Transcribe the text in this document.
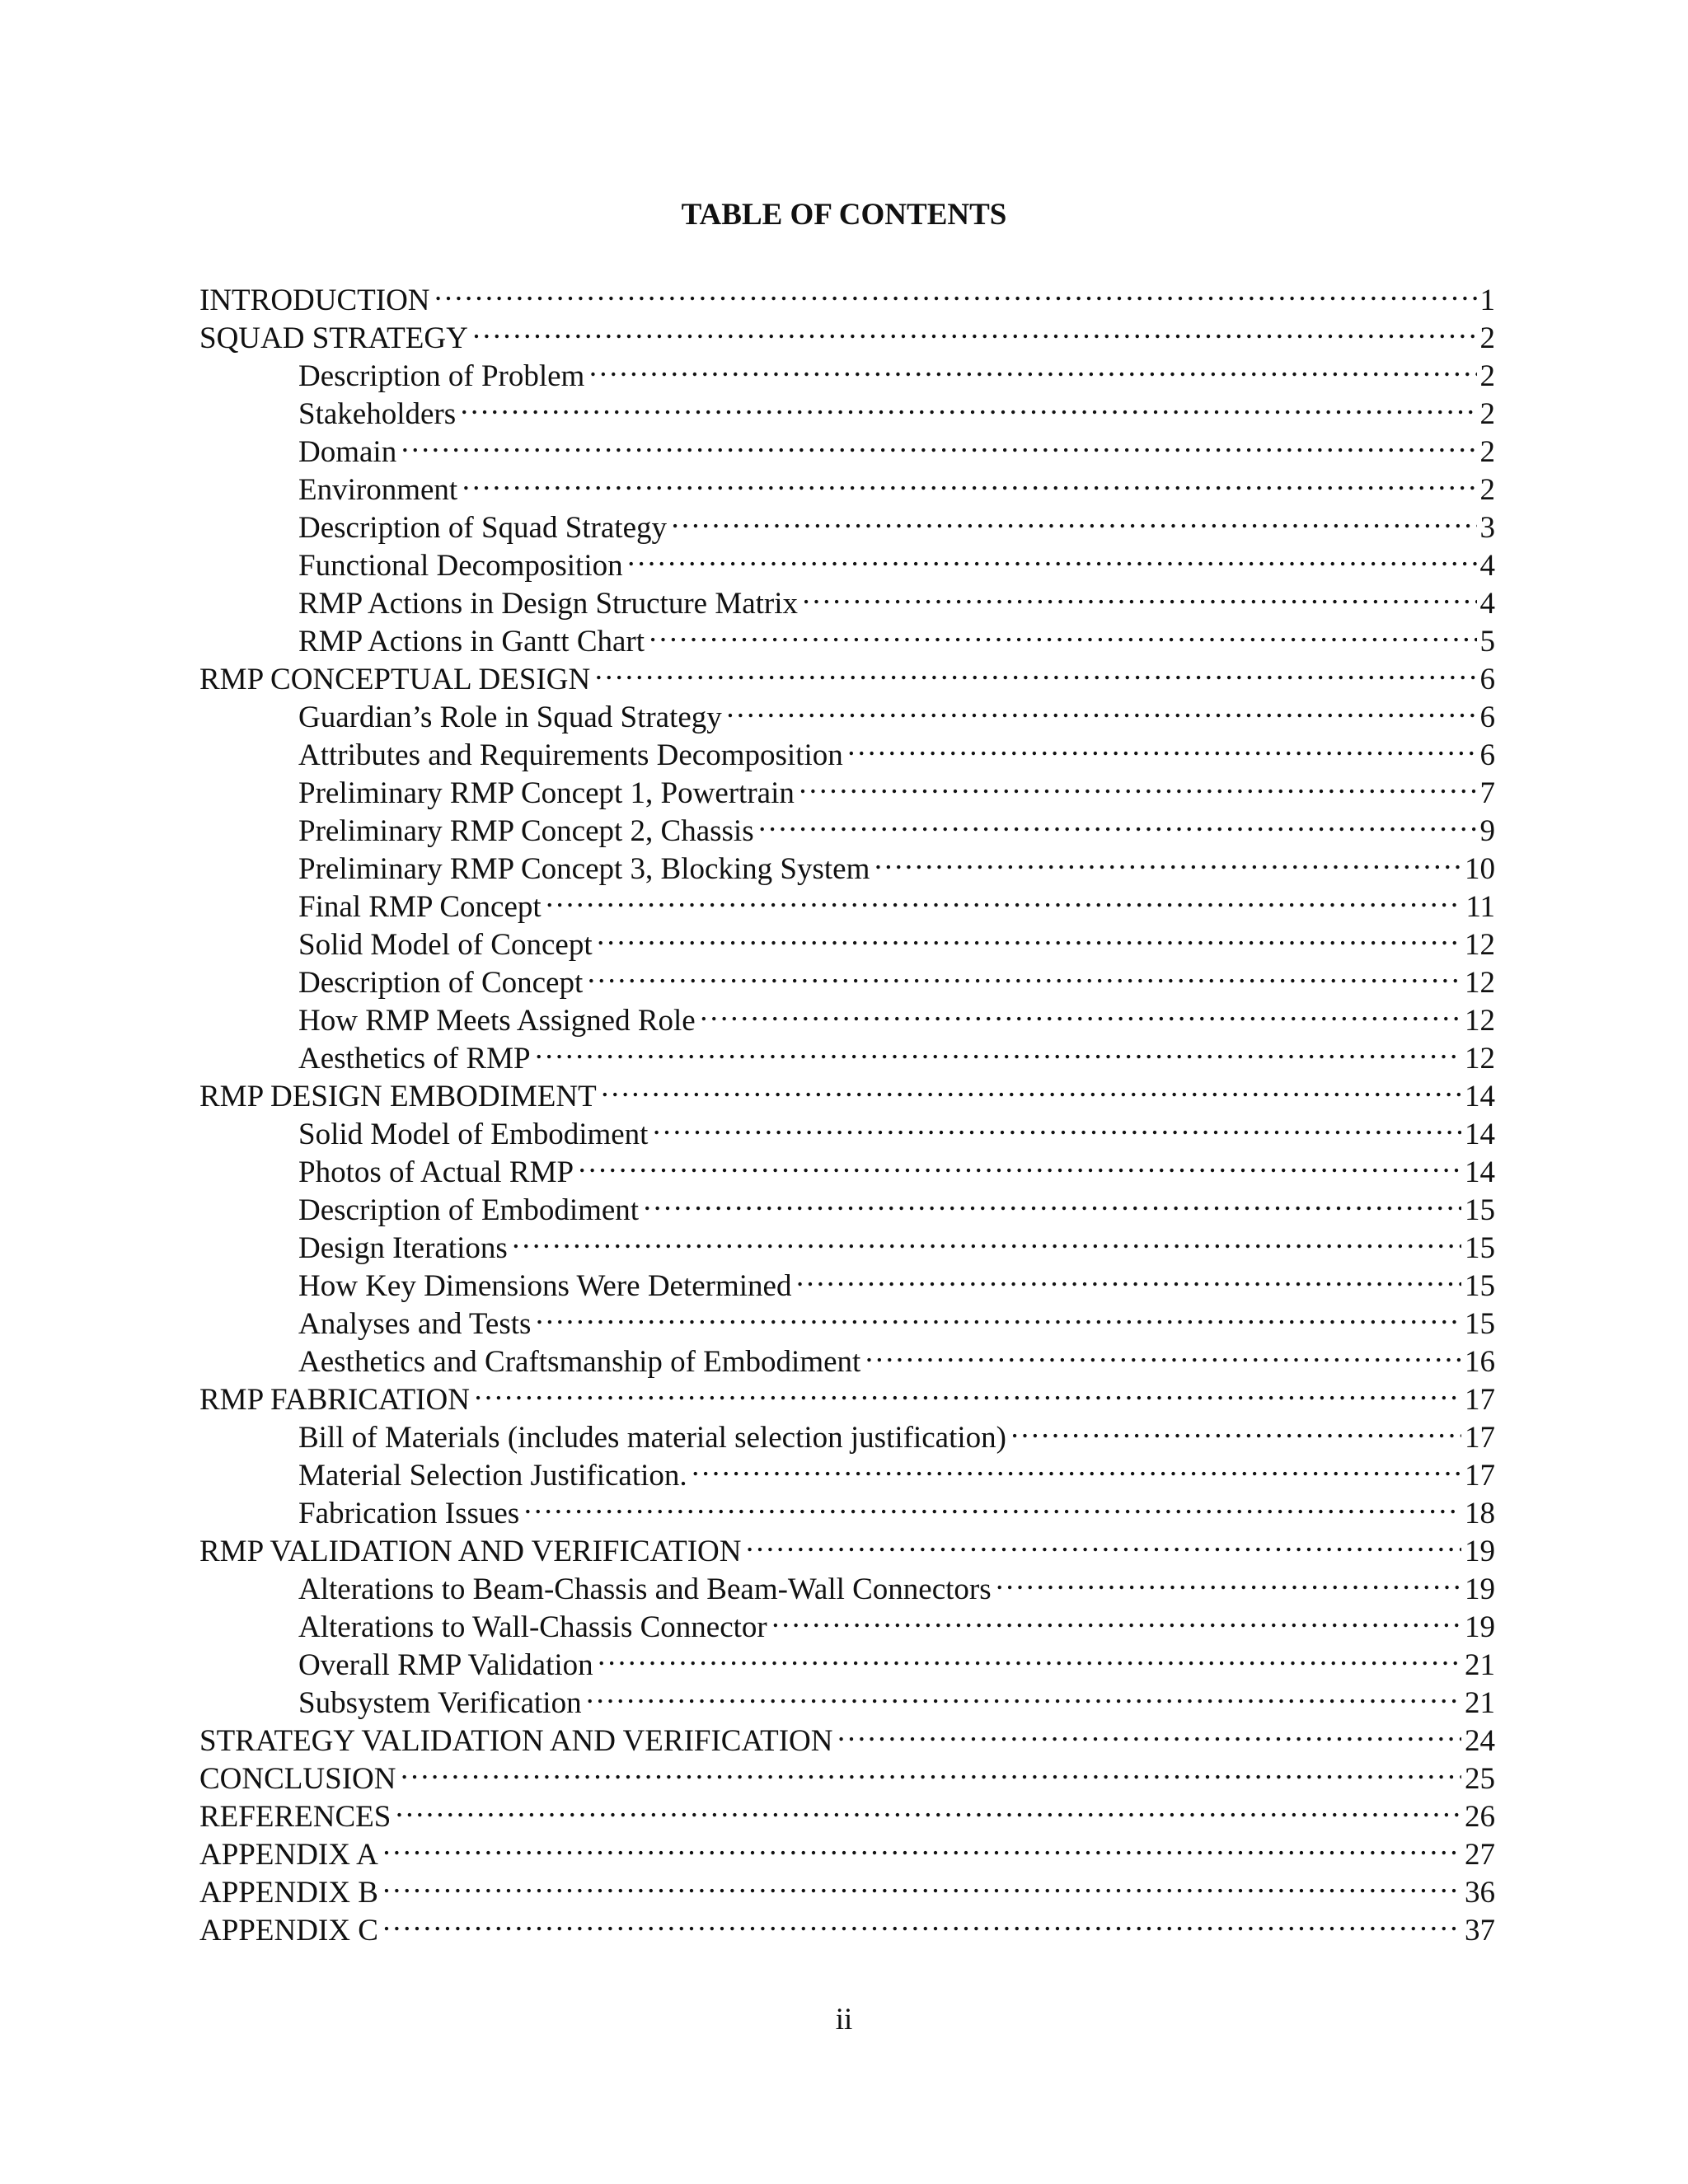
TABLE OF CONTENTS
INTRODUCTION ……………………………………………………………………………………………………………………………………………………………………………………………………	1
SQUAD STRATEGY ……………………………………………………………………………………………………………………………………………………………………………………………………	2
Description of Problem ……………………………………………………………………………………………………………………………………………………………………………………………………	2
Stakeholders ……………………………………………………………………………………………………………………………………………………………………………………………………	2
Domain ……………………………………………………………………………………………………………………………………………………………………………………………………	2
Environment ……………………………………………………………………………………………………………………………………………………………………………………………………	2
Description of Squad Strategy ……………………………………………………………………………………………………………………………………………………………………………………………………	3
Functional Decomposition ……………………………………………………………………………………………………………………………………………………………………………………………………	4
RMP Actions in Design Structure Matrix ……………………………………………………………………………………………………………………………………………………………………………………………………	4
RMP Actions in Gantt Chart ……………………………………………………………………………………………………………………………………………………………………………………………………	5
RMP CONCEPTUAL DESIGN ……………………………………………………………………………………………………………………………………………………………………………………………………	6
Guardian’s Role in Squad Strategy ……………………………………………………………………………………………………………………………………………………………………………………………………	6
Attributes and Requirements Decomposition ……………………………………………………………………………………………………………………………………………………………………………………………………	6
Preliminary RMP Concept 1, Powertrain ……………………………………………………………………………………………………………………………………………………………………………………………………	7
Preliminary RMP Concept 2, Chassis ……………………………………………………………………………………………………………………………………………………………………………………………………	9
Preliminary RMP Concept 3, Blocking System ……………………………………………………………………………………………………………………………………………………………………………………………………	10
Final RMP Concept ……………………………………………………………………………………………………………………………………………………………………………………………………	11
Solid Model of Concept ……………………………………………………………………………………………………………………………………………………………………………………………………	12
Description of Concept ……………………………………………………………………………………………………………………………………………………………………………………………………	12
How RMP Meets Assigned Role ……………………………………………………………………………………………………………………………………………………………………………………………………	12
Aesthetics of RMP ……………………………………………………………………………………………………………………………………………………………………………………………………	12
RMP DESIGN EMBODIMENT ……………………………………………………………………………………………………………………………………………………………………………………………………	14
Solid Model of Embodiment ……………………………………………………………………………………………………………………………………………………………………………………………………	14
Photos of Actual RMP ……………………………………………………………………………………………………………………………………………………………………………………………………	14
Description of Embodiment ……………………………………………………………………………………………………………………………………………………………………………………………………	15
Design Iterations ……………………………………………………………………………………………………………………………………………………………………………………………………	15
How Key Dimensions Were Determined ……………………………………………………………………………………………………………………………………………………………………………………………………	15
Analyses and Tests ……………………………………………………………………………………………………………………………………………………………………………………………………	15
Aesthetics and Craftsmanship of Embodiment ……………………………………………………………………………………………………………………………………………………………………………………………………	16
RMP FABRICATION ……………………………………………………………………………………………………………………………………………………………………………………………………	17
Bill of Materials (includes material selection justification) ……………………………………………………………………………………………………………………………………………………………………………………………………	17
Material Selection Justification. ……………………………………………………………………………………………………………………………………………………………………………………………………	17
Fabrication Issues ……………………………………………………………………………………………………………………………………………………………………………………………………	18
RMP VALIDATION AND VERIFICATION ……………………………………………………………………………………………………………………………………………………………………………………………………	19
Alterations to Beam-Chassis and Beam-Wall Connectors ……………………………………………………………………………………………………………………………………………………………………………………………………	19
Alterations to Wall-Chassis Connector ……………………………………………………………………………………………………………………………………………………………………………………………………	19
Overall RMP Validation ……………………………………………………………………………………………………………………………………………………………………………………………………	21
Subsystem Verification ……………………………………………………………………………………………………………………………………………………………………………………………………	21
STRATEGY VALIDATION AND VERIFICATION ……………………………………………………………………………………………………………………………………………………………………………………………………	24
CONCLUSION ……………………………………………………………………………………………………………………………………………………………………………………………………	25
REFERENCES ……………………………………………………………………………………………………………………………………………………………………………………………………	26
APPENDIX A ……………………………………………………………………………………………………………………………………………………………………………………………………	27
APPENDIX B ……………………………………………………………………………………………………………………………………………………………………………………………………	36
APPENDIX C ……………………………………………………………………………………………………………………………………………………………………………………………………	37
ii
